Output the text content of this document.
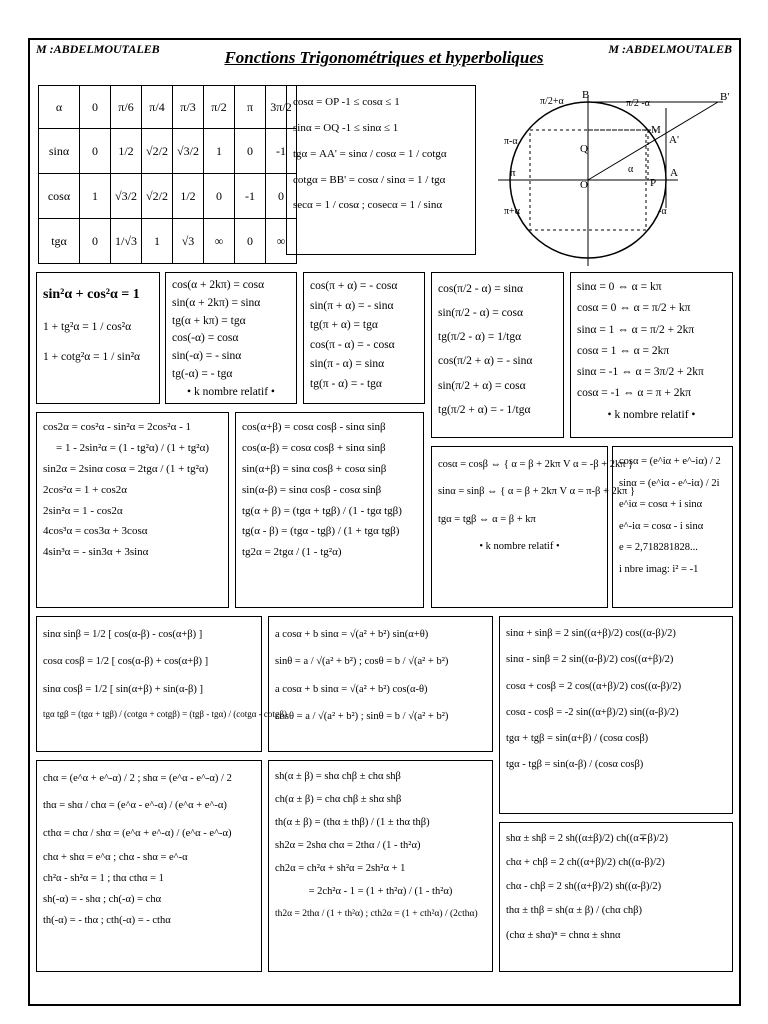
M :ABDELMOUTALEB	M :ABDELMOUTALEB
Fonctions Trigonométriques et hyperboliques
α	0	π/6	π/4	π/3	π/2	π	3π/2
sinα	0	1/2	√2/2	√3/2	1	0	-1
cosα	1	√3/2	√2/2	1/2	0	-1	0
tgα	0	1/√3	1	√3	∞	0	∞
cosα = OP -1 ≤ cosα ≤ 1
sinα = OQ -1 ≤ sinα ≤ 1
tgα = AA' = sinα / cosα = 1 / cotgα
cotgα = BB' = cosα / sinα = 1 / tgα
secα = 1 / cosα ; cosecα = 1 / sinα
B	B'
A
π
P
Q
O
M
A'
π/2+α	π/2 -α
π-α
π+α	-α
α
sin²α + cos²α = 1
1 + tg²α = 1 / cos²α
1 + cotg²α = 1 / sin²α
cos(α + 2kπ) = cosα
sin(α + 2kπ) = sinα
tg(α + kπ) = tgα
cos(-α) = cosα
sin(-α) = - sinα
tg(-α) = - tgα
• k nombre relatif •
cos(π + α) = - cosα
sin(π + α) = - sinα
tg(π + α) = tgα
cos(π - α) = - cosα
sin(π - α) = sinα
tg(π - α) = - tgα
cos(π/2 - α) = sinα
sin(π/2 - α) = cosα
tg(π/2 - α) = 1/tgα
cos(π/2 + α) = - sinα
sin(π/2 + α) = cosα
tg(π/2 + α) = - 1/tgα
sinα = 0 ⇔ α = kπ
cosα = 0 ⇔ α = π/2 + kπ
sinα = 1 ⇔ α = π/2 + 2kπ
cosα = 1 ⇔ α = 2kπ
sinα = -1 ⇔ α = 3π/2 + 2kπ
cosα = -1 ⇔ α = π + 2kπ
• k nombre relatif •
cos2α = cos²α - sin²α = 2cos²α - 1
= 1 - 2sin²α = (1 - tg²α) / (1 + tg²α)
sin2α = 2sinα cosα = 2tgα / (1 + tg²α)
2cos²α = 1 + cos2α
2sin²α = 1 - cos2α
4cos³α = cos3α + 3cosα
4sin³α = - sin3α + 3sinα
cos(α+β) = cosα cosβ - sinα sinβ
cos(α-β) = cosα cosβ + sinα sinβ
sin(α+β) = sinα cosβ + cosα sinβ
sin(α-β) = sinα cosβ - cosα sinβ
tg(α + β) = (tgα + tgβ) / (1 - tgα tgβ)
tg(α - β) = (tgα - tgβ) / (1 + tgα tgβ)
tg2α = 2tgα / (1 - tg²α)
cosα = cosβ ⇔ { α = β + 2kπ V α = -β + 2kπ }
sinα = sinβ ⇔ { α = β + 2kπ V α = π-β + 2kπ }
tgα = tgβ ⇔ α = β + kπ
• k nombre relatif •
cosα = (e^iα + e^-iα) / 2
sinα = (e^iα - e^-iα) / 2i
e^iα = cosα + i sinα
e^-iα = cosα - i sinα
e = 2,718281828...
i nbre imag: i² = -1
sinα sinβ = 1/2 [ cos(α-β) - cos(α+β) ]
cosα cosβ = 1/2 [ cos(α-β) + cos(α+β) ]
sinα cosβ = 1/2 [ sin(α+β) + sin(α-β) ]
tgα tgβ = (tgα + tgβ) / (cotgα + cotgβ) = (tgβ - tgα) / (cotgα - cotgβ)
a cosα + b sinα = √(a² + b²) sin(α+θ)
sinθ = a / √(a² + b²) ; cosθ = b / √(a² + b²)
a cosα + b sinα = √(a² + b²) cos(α-θ)
cosθ = a / √(a² + b²) ; sinθ = b / √(a² + b²)
sinα + sinβ = 2 sin((α+β)/2) cos((α-β)/2)
sinα - sinβ = 2 sin((α-β)/2) cos((α+β)/2)
cosα + cosβ = 2 cos((α+β)/2) cos((α-β)/2)
cosα - cosβ = -2 sin((α+β)/2) sin((α-β)/2)
tgα + tgβ = sin(α+β) / (cosα cosβ)
tgα - tgβ = sin(α-β) / (cosα cosβ)
chα = (e^α + e^-α) / 2 ; shα = (e^α - e^-α) / 2
thα = shα / chα = (e^α - e^-α) / (e^α + e^-α)
cthα = chα / shα = (e^α + e^-α) / (e^α - e^-α)
chα + shα = e^α ; chα - shα = e^-α
ch²α - sh²α = 1 ; thα cthα = 1
sh(-α) = - shα ; ch(-α) = chα
th(-α) = - thα ; cth(-α) = - cthα
sh(α ± β) = shα chβ ± chα shβ
ch(α ± β) = chα chβ ± shα shβ
th(α ± β) = (thα ± thβ) / (1 ± thα thβ)
sh2α = 2shα chα = 2thα / (1 - th²α)
ch2α = ch²α + sh²α = 2sh²α + 1
= 2ch²α - 1 = (1 + th²α) / (1 - th²α)
th2α = 2thα / (1 + th²α) ; cth2α = (1 + cth²α) / (2cthα)
shα ± shβ = 2 sh((α±β)/2) ch((α∓β)/2)
chα + chβ = 2 ch((α+β)/2) ch((α-β)/2)
chα - chβ = 2 sh((α+β)/2) sh((α-β)/2)
thα ± thβ = sh(α ± β) / (chα chβ)
(chα ± shα)ⁿ = chnα ± shnα
